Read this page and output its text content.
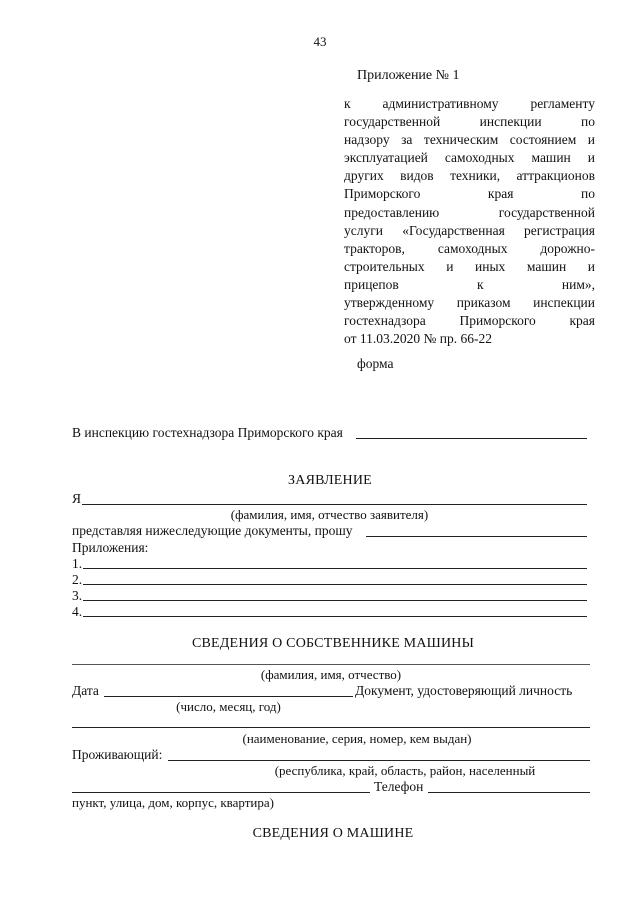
43
Приложение № 1
к административному регламенту
государственной инспекции по
надзору за техническим состоянием и
эксплуатацией самоходных машин и
других видов техники, аттракционов
Приморского края по
предоставлению государственной
услуги «Государственная регистрация
тракторов, самоходных дорожно-
строительных и иных машин и
прицепов к ним»,
утвержденному приказом инспекции
гостехнадзора Приморского края
от 11.03.2020 № пр. 66-22
форма
В инспекцию гостехнадзора Приморского края
ЗАЯВЛЕНИЕ
Я
(фамилия, имя, отчество заявителя)
представляя нижеследующие документы, прошу
Приложения:
1.
2.
3.
4.
СВЕДЕНИЯ О СОБСТВЕННИКЕ МАШИНЫ
(фамилия, имя, отчество)
Дата	Документ, удостоверяющий личность
(число, месяц, год)
(наименование, серия, номер, кем выдан)
Проживающий:
(республика, край, область, район, населенный
Телефон
пункт, улица, дом, корпус, квартира)
СВЕДЕНИЯ О МАШИНЕ
